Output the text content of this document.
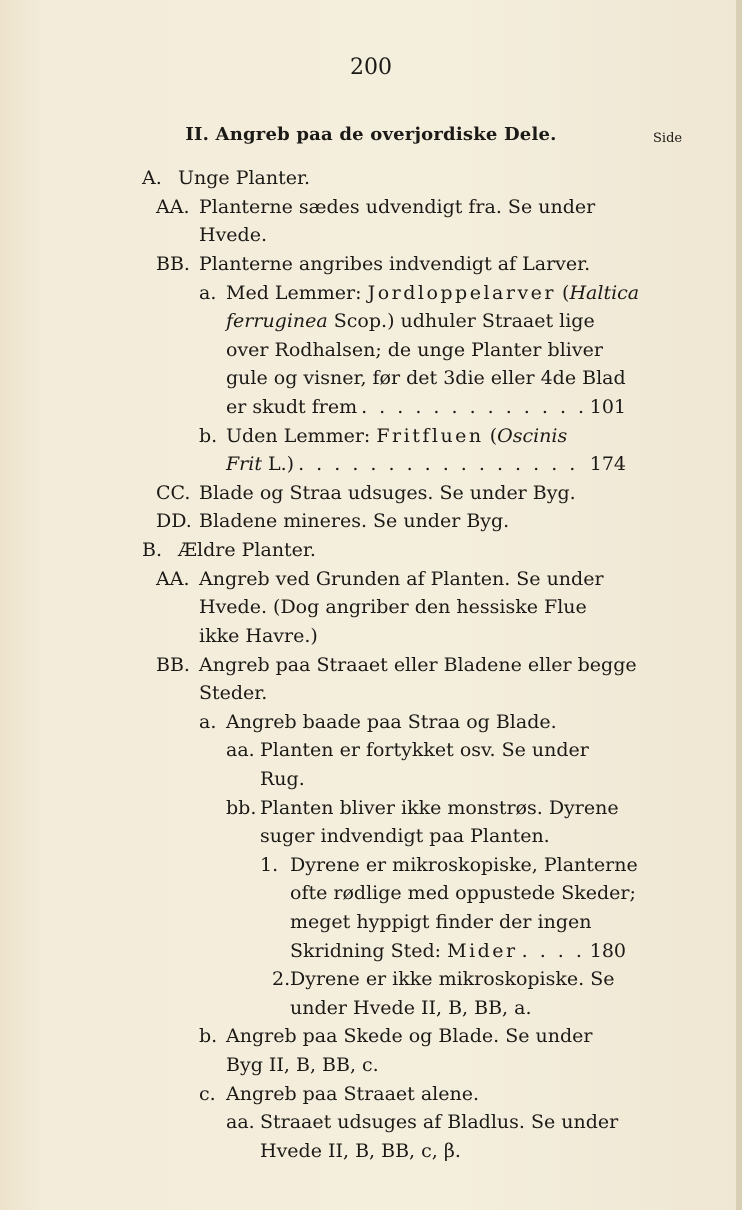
200
II. Angreb paa de overjordiske Dele.	Side
A. Unge Planter.
AA. Planterne sædes udvendigt fra. Se under
Hvede.
BB. Planterne angribes indvendigt af Larver.
a. Med Lemmer: Jordloppelarver (Haltica
ferruginea Scop.) udhuler Straaet lige
over Rodhalsen; de unge Planter bliver
gule og visner, før det 3die eller 4de Blad
er skudt frem . . .	101
b. Uden Lemmer: Fritfluen (Oscinis
Frit L.) . . .	174
CC. Blade og Straa udsuges. Se under Byg.
DD. Bladene mineres. Se under Byg.
B. Ældre Planter.
AA. Angreb ved Grunden af Planten. Se under
Hvede. (Dog angriber den hessiske Flue
ikke Havre.)
BB. Angreb paa Straaet eller Bladene eller begge
Steder.
a. Angreb baade paa Straa og Blade.
aa. Planten er fortykket osv. Se under
Rug.
bb. Planten bliver ikke monstrøs. Dyrene
suger indvendigt paa Planten.
1. Dyrene er mikroskopiske, Planterne
ofte rødlige med oppustede Skeder;
meget hyppigt finder der ingen
Skridning Sted: Mider . . .	180
2. Dyrene er ikke mikroskopiske. Se
under Hvede II, B, BB, a.
b. Angreb paa Skede og Blade. Se under
Byg II, B, BB, c.
c. Angreb paa Straaet alene.
aa. Straaet udsuges af Bladlus. Se under
Hvede II, B, BB, c, β.
